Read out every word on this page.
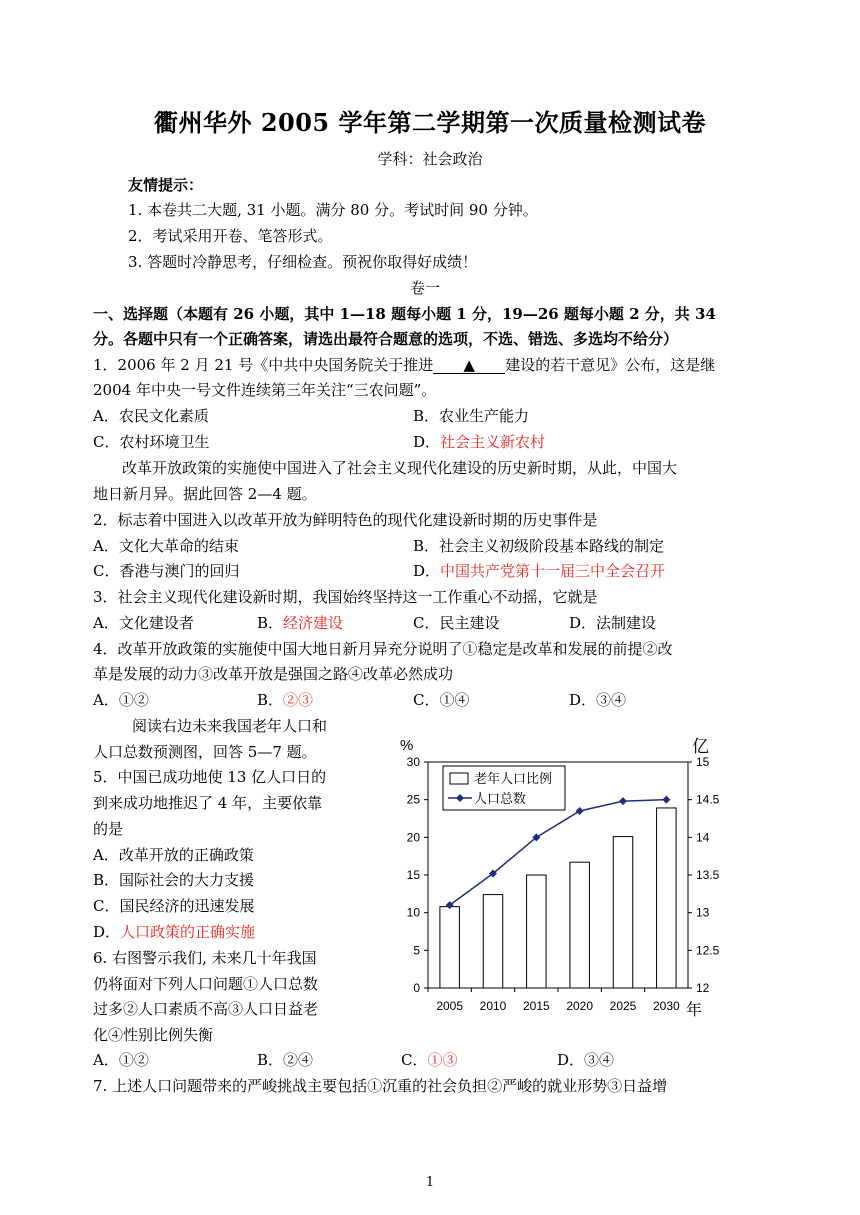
衢州华外 2005 学年第二学期第一次质量检测试卷
学科：社会政治
友情提示：
1. 本卷共二大题, 31 小题。满分 80 分。考试时间 90 分钟。
2．考试采用开卷、笔答形式。
3. 答题时冷静思考，仔细检查。预祝你取得好成绩！
卷一
一、选择题（本题有 26 小题，其中 1—18 题每小题 1 分，19—26 题每小题 2 分，共 34
分。各题中只有一个正确答案，请选出最符合题意的选项，不选、错选、多选均不给分）
1．2006 年 2 月 21 号《中共中央国务院关于推进 ▲ 建设的若干意见》公布，这是继
2004 年中央一号文件连续第三年关注“三农问题”。
A．农民文化素质	B．农业生产能力
C．农村环境卫生	D．社会主义新农村
改革开放政策的实施使中国进入了社会主义现代化建设的历史新时期，从此，中国大
地日新月异。据此回答 2—4 题。
2．标志着中国进入以改革开放为鲜明特色的现代化建设新时期的历史事件是
A．文化大革命的结束	B．社会主义初级阶段基本路线的制定
C．香港与澳门的回归	D．中国共产党第十一届三中全会召开
3．社会主义现代化建设新时期，我国始终坚持这一工作重心不动摇，它就是
A．文化建设者	B．经济建设	C．民主建设	D．法制建设
4．改革开放政策的实施使中国大地日新月异充分说明了①稳定是改革和发展的前提②改
革是发展的动力③改革开放是强国之路④改革必然成功
A．①②	B．②③	C．①④	D．③④
阅读右边未来我国老年人口和
人口总数预测图，回答 5—7 题。
5．中国已成功地使 13 亿人口日的
到来成功地推迟了 4 年，主要依靠
的是
A．改革开放的正确政策
B．国际社会的大力支援
C．国民经济的迅速发展
D．人口政策的正确实施
6. 右图警示我们, 未来几十年我国
仍将面对下列人口问题①人口总数
过多②人口素质不高③人口日益老
化④性别比例失衡
A．①②	B．②④	C．①③	D．③④
7. 上述人口问题带来的严峻挑战主要包括①沉重的社会负担②严峻的就业形势③日益增
%	亿
年
老年人口比例
人口总数
0
5
10
15
20
25
30
12
12.5
13
13.5
14
14.5
15
2005 2010 2015 2020 2025 2030
1
